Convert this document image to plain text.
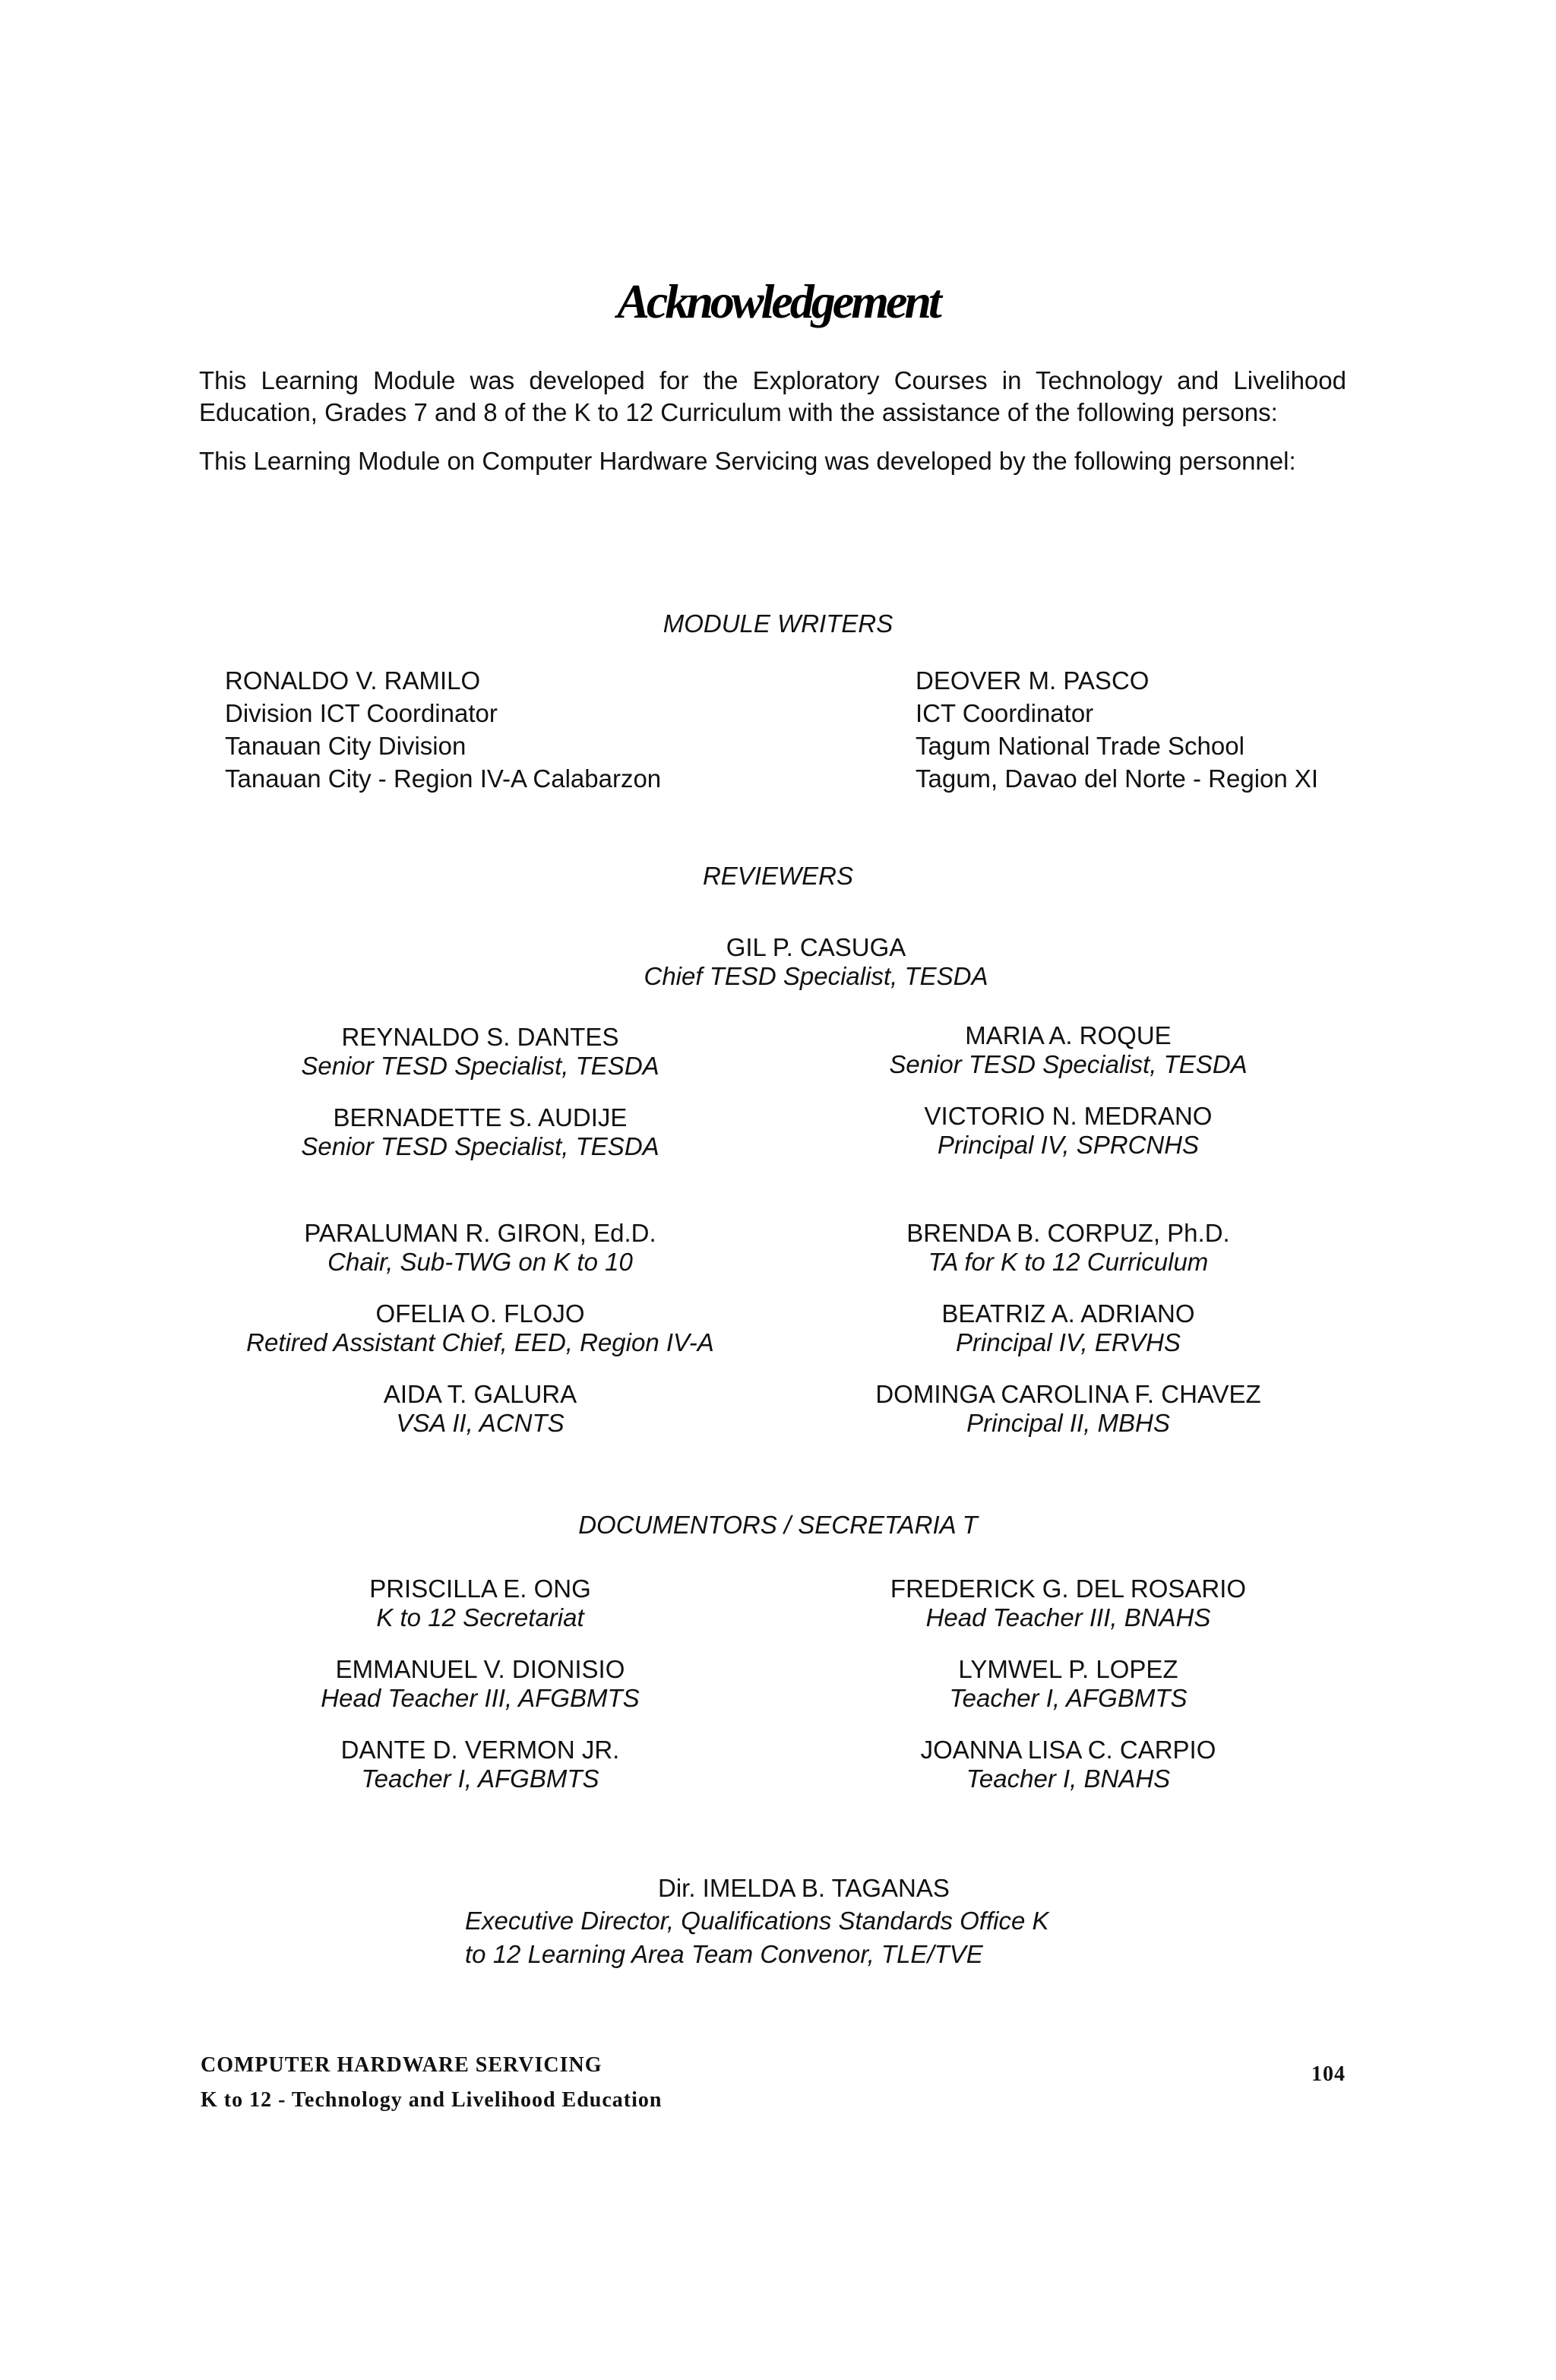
Acknowledgement
This Learning Module was developed for the Exploratory Courses in Technology and Livelihood Education, Grades 7 and 8 of the K to 12 Curriculum with the assistance of the following persons:
This Learning Module on Computer Hardware Servicing was developed by the following personnel:
MODULE WRITERS
RONALDO V. RAMILO
Division ICT Coordinator
Tanauan City Division
Tanauan City - Region IV-A Calabarzon
DEOVER M. PASCO
ICT Coordinator
Tagum National Trade School
Tagum, Davao del Norte - Region XI
REVIEWERS
GIL P. CASUGA
Chief TESD Specialist, TESDA
REYNALDO S. DANTES
Senior TESD Specialist, TESDA
BERNADETTE S. AUDIJE
Senior TESD Specialist, TESDA
PARALUMAN R. GIRON, Ed.D.
Chair, Sub-TWG on K to 10
OFELIA O. FLOJO
Retired Assistant Chief, EED, Region IV-A
AIDA T. GALURA
VSA II, ACNTS
MARIA A. ROQUE
Senior TESD Specialist, TESDA
VICTORIO N. MEDRANO
Principal IV, SPRCNHS
BRENDA B. CORPUZ, Ph.D.
TA for K to 12 Curriculum
BEATRIZ A. ADRIANO
Principal IV, ERVHS
DOMINGA CAROLINA F. CHAVEZ
Principal II, MBHS
DOCUMENTORS / SECRETARIA T
PRISCILLA E. ONG
K to 12 Secretariat
EMMANUEL V. DIONISIO
Head Teacher III, AFGBMTS
DANTE D. VERMON JR.
Teacher I, AFGBMTS
FREDERICK G. DEL ROSARIO
Head Teacher III, BNAHS
LYMWEL P. LOPEZ
Teacher I, AFGBMTS
JOANNA LISA C. CARPIO
Teacher I, BNAHS
Dir. IMELDA B. TAGANAS
Executive Director, Qualifications Standards Office K
to 12 Learning Area Team Convenor, TLE/TVE
COMPUTER HARDWARE SERVICING
K to 12 - Technology and Livelihood Education
104
